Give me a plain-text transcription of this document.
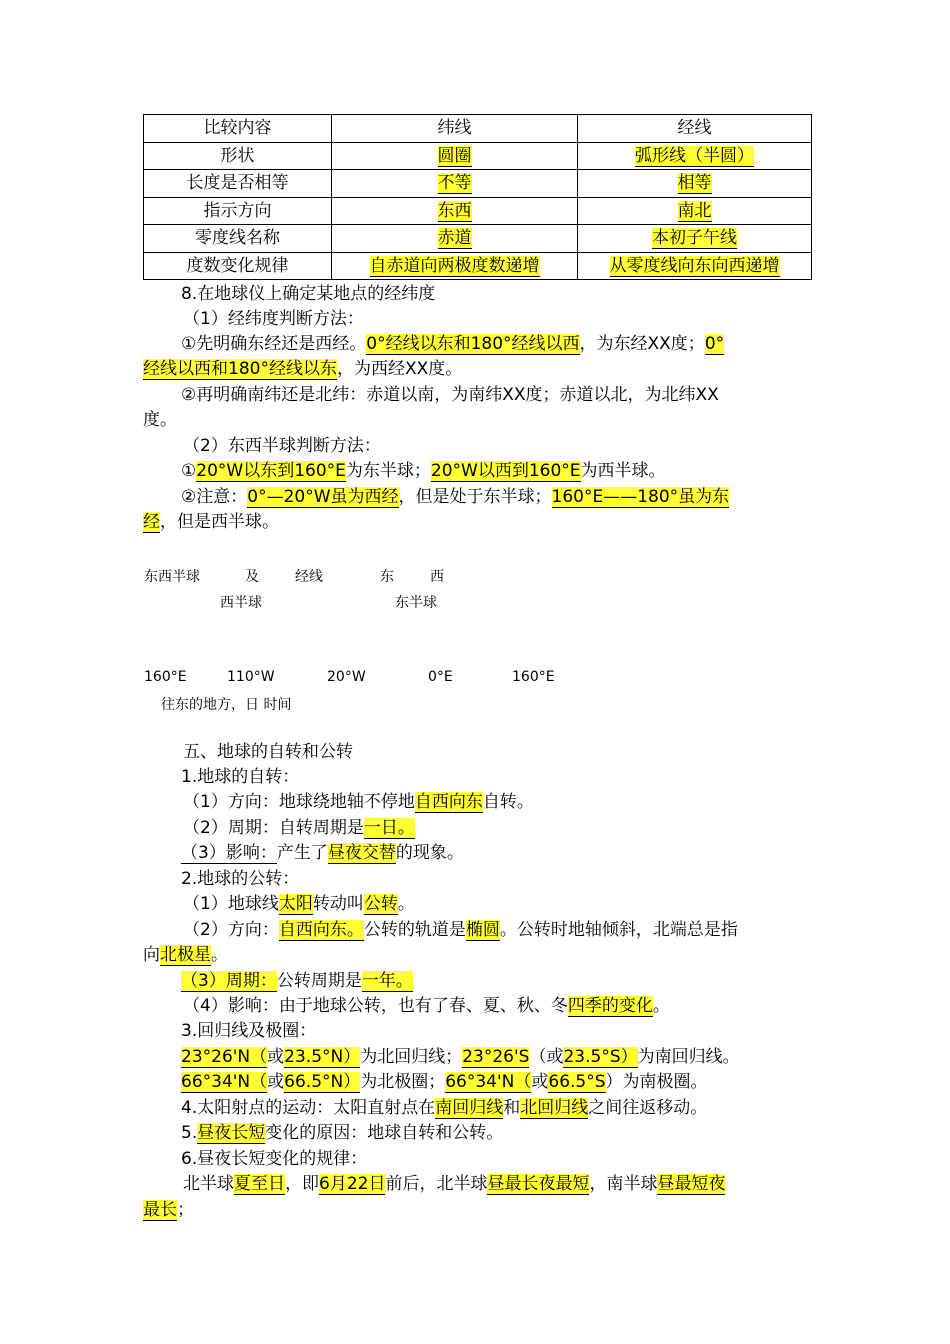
比较内容	纬线	经线
形状	圆圈	弧形线（半圆）
长度是否相等	不等	相等
指示方向	东西	南北
零度线名称	赤道	本初子午线
度数变化规律	自赤道向两极度数递增	从零度线向东向西递增
8.在地球仪上确定某地点的经纬度
（1）经纬度判断方法：
①先明确东经还是西经。0°经线以东和180°经线以西，为东经XX度；0°
经线以西和180°经线以东，为西经XX度。
②再明确南纬还是北纬：赤道以南，为南纬XX度；赤道以北，为北纬XX
度。
（2）东西半球判断方法：
①20°W以东到160°E为东半球；20°W以西到160°E为西半球。
②注意：0°—20°W虽为西经，但是处于东半球；160°E——180°虽为东
经，但是西半球。
东西半球	及	经线	东	西
西半球	东半球
160°E	110°W	20°W	0°E	160°E
往东的地方，日 时间
五、地球的自转和公转
1.地球的自转：
（1）方向：地球绕地轴不停地自西向东自转。
（2）周期：自转周期是一日。
（3）影响：产生了昼夜交替的现象。
2.地球的公转：
（1）地球线太阳转动叫公转。
（2）方向：自西向东。公转的轨道是椭圆。公转时地轴倾斜，北端总是指
向北极星。
（3）周期：公转周期是一年。
（4）影响：由于地球公转，也有了春、夏、秋、冬四季的变化。
3.回归线及极圈：
23°26'N（或23.5°N）为北回归线；23°26'S（或23.5°S）为南回归线。
66°34'N（或66.5°N）为北极圈；66°34'N（或66.5°S）为南极圈。
4.太阳射点的运动：太阳直射点在南回归线和北回归线之间往返移动。
5.昼夜长短变化的原因：地球自转和公转。
6.昼夜长短变化的规律：
北半球夏至日，即6月22日前后，北半球昼最长夜最短，南半球昼最短夜
最长；
